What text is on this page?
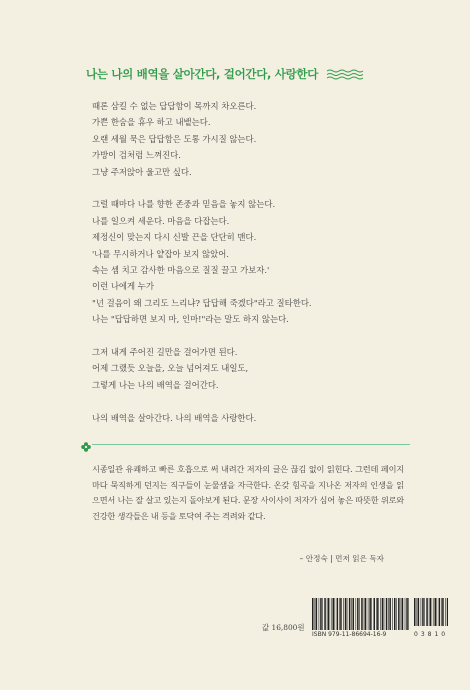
나는 나의 배역을 살아간다, 걸어간다, 사랑한다
때론 삼킬 수 없는 답답함이 목까지 차오른다.
가쁜 한숨을 휴우 하고 내뱉는다.
오랜 세월 묵은 답답함은 도통 가시질 않는다.
가방이 검처럼 느껴진다.
그냥 주저앉아 울고만 싶다.
그럴 때마다 나를 향한 존중과 믿음을 놓지 않는다.
나를 일으켜 세운다. 마음을 다잡는다.
제정신이 맞는지 다시 신발 끈을 단단히 맨다.
'나를 무시하거나 얕잡아 보지 않았어.
속는 셈 치고 감사한 마음으로 질질 끌고 가보자.'
이런 나에게 누가
"넌 걸음이 왜 그리도 느리냐? 답답해 죽겠다"라고 질타한다.
나는 "답답하면 보지 마, 인마!"라는 말도 하지 않는다.
그저 내게 주어진 길만을 걸어가면 된다.
어제 그랬듯 오늘을, 오늘 넘어져도 내일도,
그렇게 나는 나의 배역을 걸어간다.
나의 배역을 살아간다. 나의 배역을 사랑한다.
시종일관 유쾌하고 빠른 호흡으로 써 내려간 저자의 글은 끊김 없이 읽힌다. 그런데 페이지마다 묵직하게 던지는 직구들이 눈물샘을 자극한다. 온갖 힘곡을 지나온 저자의 인생을 읽으면서 나는 잘 살고 있는지 돌아보게 된다. 문장 사이사이 저자가 심어 놓은 따뜻한 위로와 건강한 생각들은 내 등을 토닥여 주는 격려와 같다.
– 안정숙 | 먼저 읽은 독자
값 16,800원
ISBN 979-11-86694-16-9	03810
